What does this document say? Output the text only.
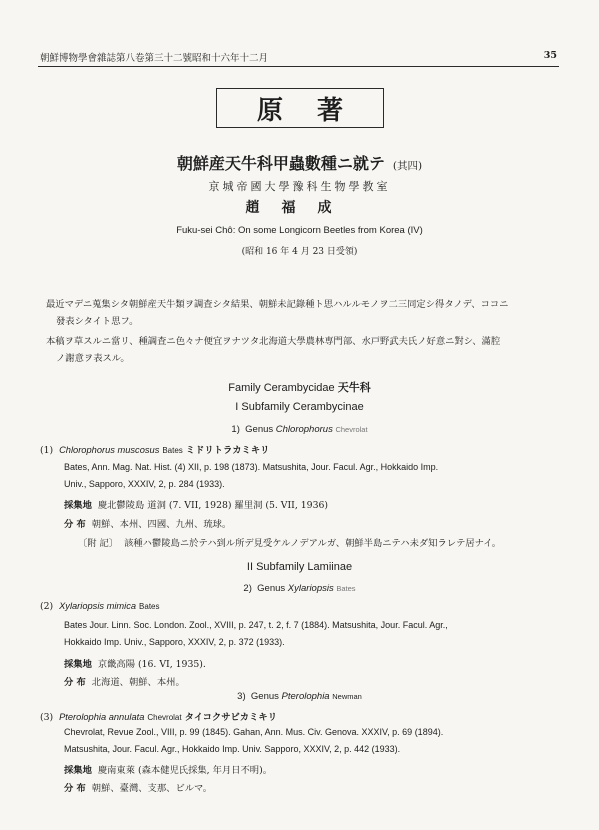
朝鮮博物學會雜誌第八卷第三十二號昭和十六年十二月	35
原著
朝鮮産天牛科甲蟲數種ニ就テ (其四)
京城帝國大學豫科生物學教室
趙福成
Fuku-sei Chô: On some Longicorn Beetles from Korea (IV)
(昭和 16 年 4 月 23 日受領)
最近マデニ蒐集シタ朝鮮産天牛類ヲ調査シタ結果、朝鮮未記錄種ト思ハルルモノヲ二三同定シ得タノデ、ココニ
發表シタイト思フ。
本稿ヲ草スルニ當リ、種調査ニ色々ナ便宜ヲナツタ北海道大學農林専門部、水戸野武夫氏ノ好意ニ對シ、滿腔
ノ謝意ヲ表スル。
Family Cerambycidae 天牛科
I Subfamily Cerambycinae
1) Genus Chlorophorus Chevrolat
(1) Chlorophorus muscosus Bates ミドリトラカミキリ
Bates, Ann. Mag. Nat. Hist. (4) XII, p. 198 (1873). Matsushita, Jour. Facul. Agr., Hokkaido Imp.
Univ., Sapporo, XXXIV, 2, p. 284 (1933).
採集地 慶北鬱陵島 道洞 (7. VII, 1928) 羅里洞 (5. VII, 1936)
分 布 朝鮮、本州、四國、九州、琉球。
〔附 記〕 該種ハ鬱陵島ニ於テハ到ル所デ見受ケルノデアルガ、朝鮮半島ニテハ未ダ知ラレテ居ナイ。
II Subfamily Lamiinae
2) Genus Xylariopsis Bates
(2) Xylariopsis mimica Bates
Bates Jour. Linn. Soc. London. Zool., XVIII, p. 247, t. 2, f. 7 (1884). Matsushita, Jour. Facul. Agr.,
Hokkaido Imp. Univ., Sapporo, XXXIV, 2, p. 372 (1933).
採集地 京畿高陽 (16. VI, 1935).
分 布 北海道、朝鮮、本州。
3) Genus Pterolophia Newman
(3) Pterolophia annulata Chevrolat タイコクサビカミキリ
Chevrolat, Revue Zool., VIII, p. 99 (1845). Gahan, Ann. Mus. Civ. Genova. XXXIV, p. 69 (1894).
Matsushita, Jour. Facul. Agr., Hokkaido Imp. Univ. Sapporo, XXXIV, 2, p. 442 (1933).
採集地 慶南東萊 (森本健児氏採集, 年月日不明)。
分 布 朝鮮、臺灣、支那、ビルマ。
